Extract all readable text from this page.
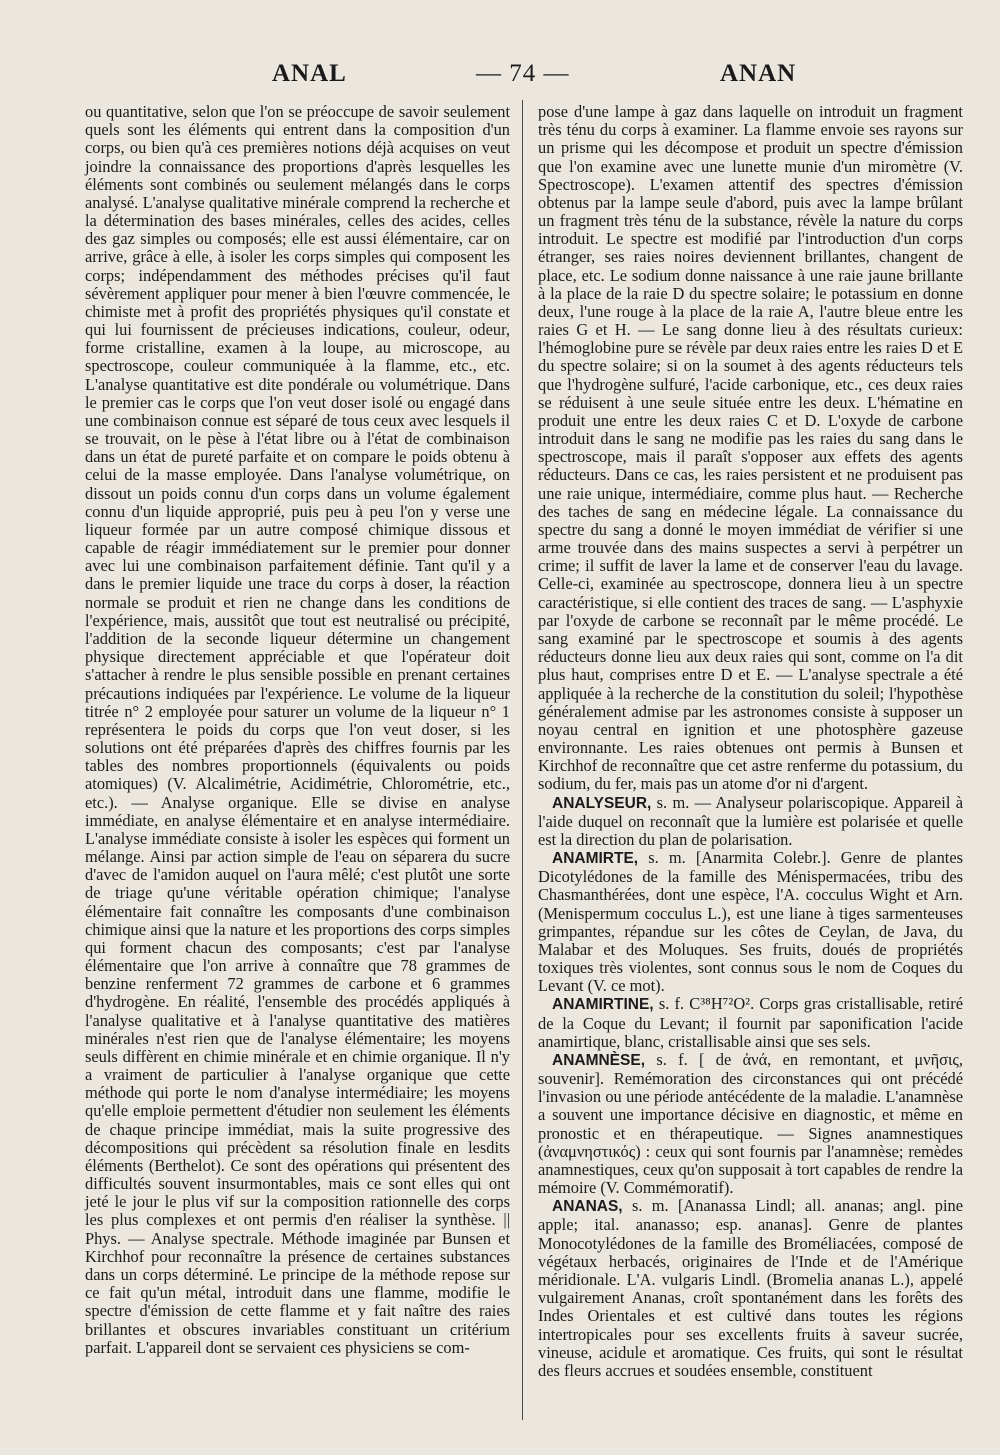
ANAL	— 74 —	ANAN

ou quantitative, selon que l'on se préoccupe de savoir seulement quels sont les éléments qui entrent dans la composition d'un corps, ou bien qu'à ces premières notions déjà acquises on veut joindre la connaissance des proportions d'après lesquelles les éléments sont combinés ou seulement mélangés dans le corps analysé. L'analyse qualitative minérale comprend la recherche et la détermination des bases minérales, celles des acides, celles des gaz simples ou composés; elle est aussi élémentaire, car on arrive, grâce à elle, à isoler les corps simples qui composent les corps; indépendamment des méthodes précises qu'il faut sévèrement appliquer pour mener à bien l'œuvre commencée, le chimiste met à profit des propriétés physiques qu'il constate et qui lui fournissent de précieuses indications, couleur, odeur, forme cristalline, examen à la loupe, au microscope, au spectroscope, couleur communiquée à la flamme, etc., etc. L'analyse quantitative est dite pondérale ou volumétrique. Dans le premier cas le corps que l'on veut doser isolé ou engagé dans une combinaison connue est séparé de tous ceux avec lesquels il se trouvait, on le pèse à l'état libre ou à l'état de combinaison dans un état de pureté parfaite et on compare le poids obtenu à celui de la masse employée. Dans l'analyse volumétrique, on dissout un poids connu d'un corps dans un volume également connu d'un liquide approprié, puis peu à peu l'on y verse une liqueur formée par un autre composé chimique dissous et capable de réagir immédiatement sur le premier pour donner avec lui une combinaison parfaitement définie. Tant qu'il y a dans le premier liquide une trace du corps à doser, la réaction normale se produit et rien ne change dans les conditions de l'expérience, mais, aussitôt que tout est neutralisé ou précipité, l'addition de la seconde liqueur détermine un changement physique directement appréciable et que l'opérateur doit s'attacher à rendre le plus sensible possible en prenant certaines précautions indiquées par l'expérience. Le volume de la liqueur titrée n° 2 employée pour saturer un volume de la liqueur n° 1 représentera le poids du corps que l'on veut doser, si les solutions ont été préparées d'après des chiffres fournis par les tables des nombres proportionnels (équivalents ou poids atomiques) (V. Alcalimétrie, Acidimétrie, Chlorométrie, etc., etc.). — Analyse organique. Elle se divise en analyse immédiate, en analyse élémentaire et en analyse intermédiaire. L'analyse immédiate consiste à isoler les espèces qui forment un mélange. Ainsi par action simple de l'eau on séparera du sucre d'avec de l'amidon auquel on l'aura mêlé; c'est plutôt une sorte de triage qu'une véritable opération chimique; l'analyse élémentaire fait connaître les composants d'une combinaison chimique ainsi que la nature et les proportions des corps simples qui forment chacun des composants; c'est par l'analyse élémentaire que l'on arrive à connaître que 78 grammes de benzine renferment 72 grammes de carbone et 6 grammes d'hydrogène. En réalité, l'ensemble des procédés appliqués à l'analyse qualitative et à l'analyse quantitative des matières minérales n'est rien que de l'analyse élémentaire; les moyens seuls diffèrent en chimie minérale et en chimie organique. Il n'y a vraiment de particulier à l'analyse organique que cette méthode qui porte le nom d'analyse intermédiaire; les moyens qu'elle emploie permettent d'étudier non seulement les éléments de chaque principe immédiat, mais la suite progressive des décompositions qui précèdent sa résolution finale en lesdits éléments (Berthelot). Ce sont des opérations qui présentent des difficultés souvent insurmontables, mais ce sont elles qui ont jeté le jour le plus vif sur la composition rationnelle des corps les plus complexes et ont permis d'en réaliser la synthèse. || Phys. — Analyse spectrale. Méthode imaginée par Bunsen et Kirchhof pour reconnaître la présence de certaines substances dans un corps déterminé. Le principe de la méthode repose sur ce fait qu'un métal, introduit dans une flamme, modifie le spectre d'émission de cette flamme et y fait naître des raies brillantes et obscures invariables constituant un critérium parfait. L'appareil dont se servaient ces physiciens se com-

pose d'une lampe à gaz dans laquelle on introduit un fragment très ténu du corps à examiner. La flamme envoie ses rayons sur un prisme qui les décompose et produit un spectre d'émission que l'on examine avec une lunette munie d'un miromètre (V. Spectroscope). L'examen attentif des spectres d'émission obtenus par la lampe seule d'abord, puis avec la lampe brûlant un fragment très ténu de la substance, révèle la nature du corps introduit. Le spectre est modifié par l'introduction d'un corps étranger, ses raies noires deviennent brillantes, changent de place, etc. Le sodium donne naissance à une raie jaune brillante à la place de la raie D du spectre solaire; le potassium en donne deux, l'une rouge à la place de la raie A, l'autre bleue entre les raies G et H. — Le sang donne lieu à des résultats curieux: l'hémoglobine pure se révèle par deux raies entre les raies D et E du spectre solaire; si on la soumet à des agents réducteurs tels que l'hydrogène sulfuré, l'acide carbonique, etc., ces deux raies se réduisent à une seule située entre les deux. L'hématine en produit une entre les deux raies C et D. L'oxyde de carbone introduit dans le sang ne modifie pas les raies du sang dans le spectroscope, mais il paraît s'opposer aux effets des agents réducteurs. Dans ce cas, les raies persistent et ne produisent pas une raie unique, intermédiaire, comme plus haut. — Recherche des taches de sang en médecine légale. La connaissance du spectre du sang a donné le moyen immédiat de vérifier si une arme trouvée dans des mains suspectes a servi à perpétrer un crime; il suffit de laver la lame et de conserver l'eau du lavage. Celle-ci, examinée au spectroscope, donnera lieu à un spectre caractéristique, si elle contient des traces de sang. — L'asphyxie par l'oxyde de carbone se reconnaît par le même procédé. Le sang examiné par le spectroscope et soumis à des agents réducteurs donne lieu aux deux raies qui sont, comme on l'a dit plus haut, comprises entre D et E. — L'analyse spectrale a été appliquée à la recherche de la constitution du soleil; l'hypothèse généralement admise par les astronomes consiste à supposer un noyau central en ignition et une photosphère gazeuse environnante. Les raies obtenues ont permis à Bunsen et Kirchhof de reconnaître que cet astre renferme du potassium, du sodium, du fer, mais pas un atome d'or ni d'argent.

ANALYSEUR, s. m. — Analyseur polariscopique. Appareil à l'aide duquel on reconnaît que la lumière est polarisée et quelle est la direction du plan de polarisation.

ANAMIRTE, s. m. [Anarmita Colebr.]. Genre de plantes Dicotylédones de la famille des Ménispermacées, tribu des Chasmanthérées, dont une espèce, l'A. cocculus Wight et Arn. (Menispermum cocculus L.), est une liane à tiges sarmenteuses grimpantes, répandue sur les côtes de Ceylan, de Java, du Malabar et des Moluques. Ses fruits, doués de propriétés toxiques très violentes, sont connus sous le nom de Coques du Levant (V. ce mot).

ANAMIRTINE, s. f. C³⁸H⁷²O². Corps gras cristallisable, retiré de la Coque du Levant; il fournit par saponification l'acide anamirtique, blanc, cristallisable ainsi que ses sels.

ANAMNÈSE, s. f. [ de ἀνά, en remontant, et μνῆσις, souvenir]. Remémoration des circonstances qui ont précédé l'invasion ou une période antécédente de la maladie. L'anamnèse a souvent une importance décisive en diagnostic, et même en pronostic et en thérapeutique. — Signes anamnestiques (ἀναμνηστικός) : ceux qui sont fournis par l'anamnèse; remèdes anamnestiques, ceux qu'on supposait à tort capables de rendre la mémoire (V. Commémoratif).

ANANAS, s. m. [Ananassa Lindl; all. ananas; angl. pine apple; ital. ananasso; esp. ananas]. Genre de plantes Monocotylédones de la famille des Broméliacées, composé de végétaux herbacés, originaires de l'Inde et de l'Amérique méridionale. L'A. vulgaris Lindl. (Bromelia ananas L.), appelé vulgairement Ananas, croît spontanément dans les forêts des Indes Orientales et est cultivé dans toutes les régions intertropicales pour ses excellents fruits à saveur sucrée, vineuse, acidule et aromatique. Ces fruits, qui sont le résultat des fleurs accrues et soudées ensemble, constituent
